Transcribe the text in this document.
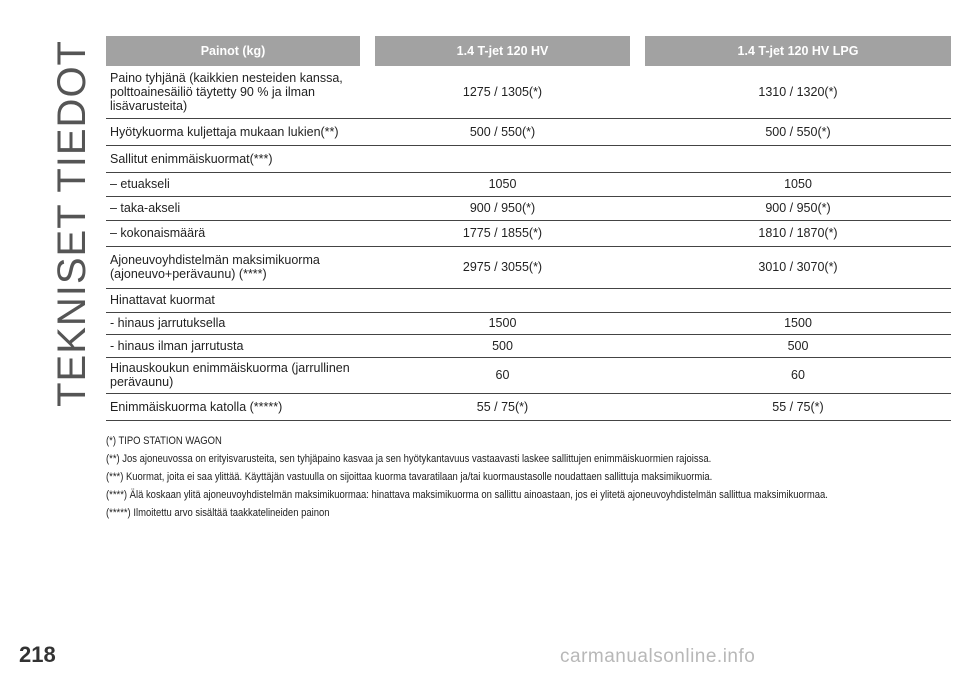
TEKNISET TIEDOT	Painot (kg)		1.4 T-jet 120 HV		1.4 T-jet 120 HV LPG
Paino tyhjänä (kaikkien nesteiden kanssa, polttoainesäiliö täytetty 90 % ja ilman lisävarusteita)		1275 / 1305(*)		1310 / 1320(*)
Hyötykuorma kuljettaja mukaan lukien(**)		500 / 550(*)		500 / 550(*)
Sallitut enimmäiskuormat(***)				
– etuakseli		1050		1050
– taka-akseli		900 / 950(*)		900 / 950(*)
– kokonaismäärä		1775 / 1855(*)		1810 / 1870(*)
Ajoneuvoyhdistelmän maksimikuorma (ajoneuvo+perävaunu) (****)		2975 / 3055(*)		3010 / 3070(*)
Hinattavat kuormat				
- hinaus jarrutuksella		1500		1500
- hinaus ilman jarrutusta		500		500
Hinauskoukun enimmäiskuorma (jarrullinen perävaunu)		60		60
Enimmäiskuorma katolla (*****)		55 / 75(*)		55 / 75(*)

(*) TIPO STATION WAGON

(**) Jos ajoneuvossa on erityisvarusteita, sen tyhjäpaino kasvaa ja sen hyötykantavuus vastaavasti laskee sallittujen enimmäiskuormien rajoissa.

(***) Kuormat, joita ei saa ylittää. Käyttäjän vastuulla on sijoittaa kuorma tavaratilaan ja/tai kuormaustasolle noudattaen sallittuja maksimikuormia.

(****) Älä koskaan ylitä ajoneuvoyhdistelmän maksimikuormaa: hinattava maksimikuorma on sallittu ainoastaan, jos ei ylitetä ajoneuvoyhdistelmän sallittua maksimikuormaa.

(*****) Ilmoitettu arvo sisältää taakkatelineiden painon

218	carmanualsonline.info
